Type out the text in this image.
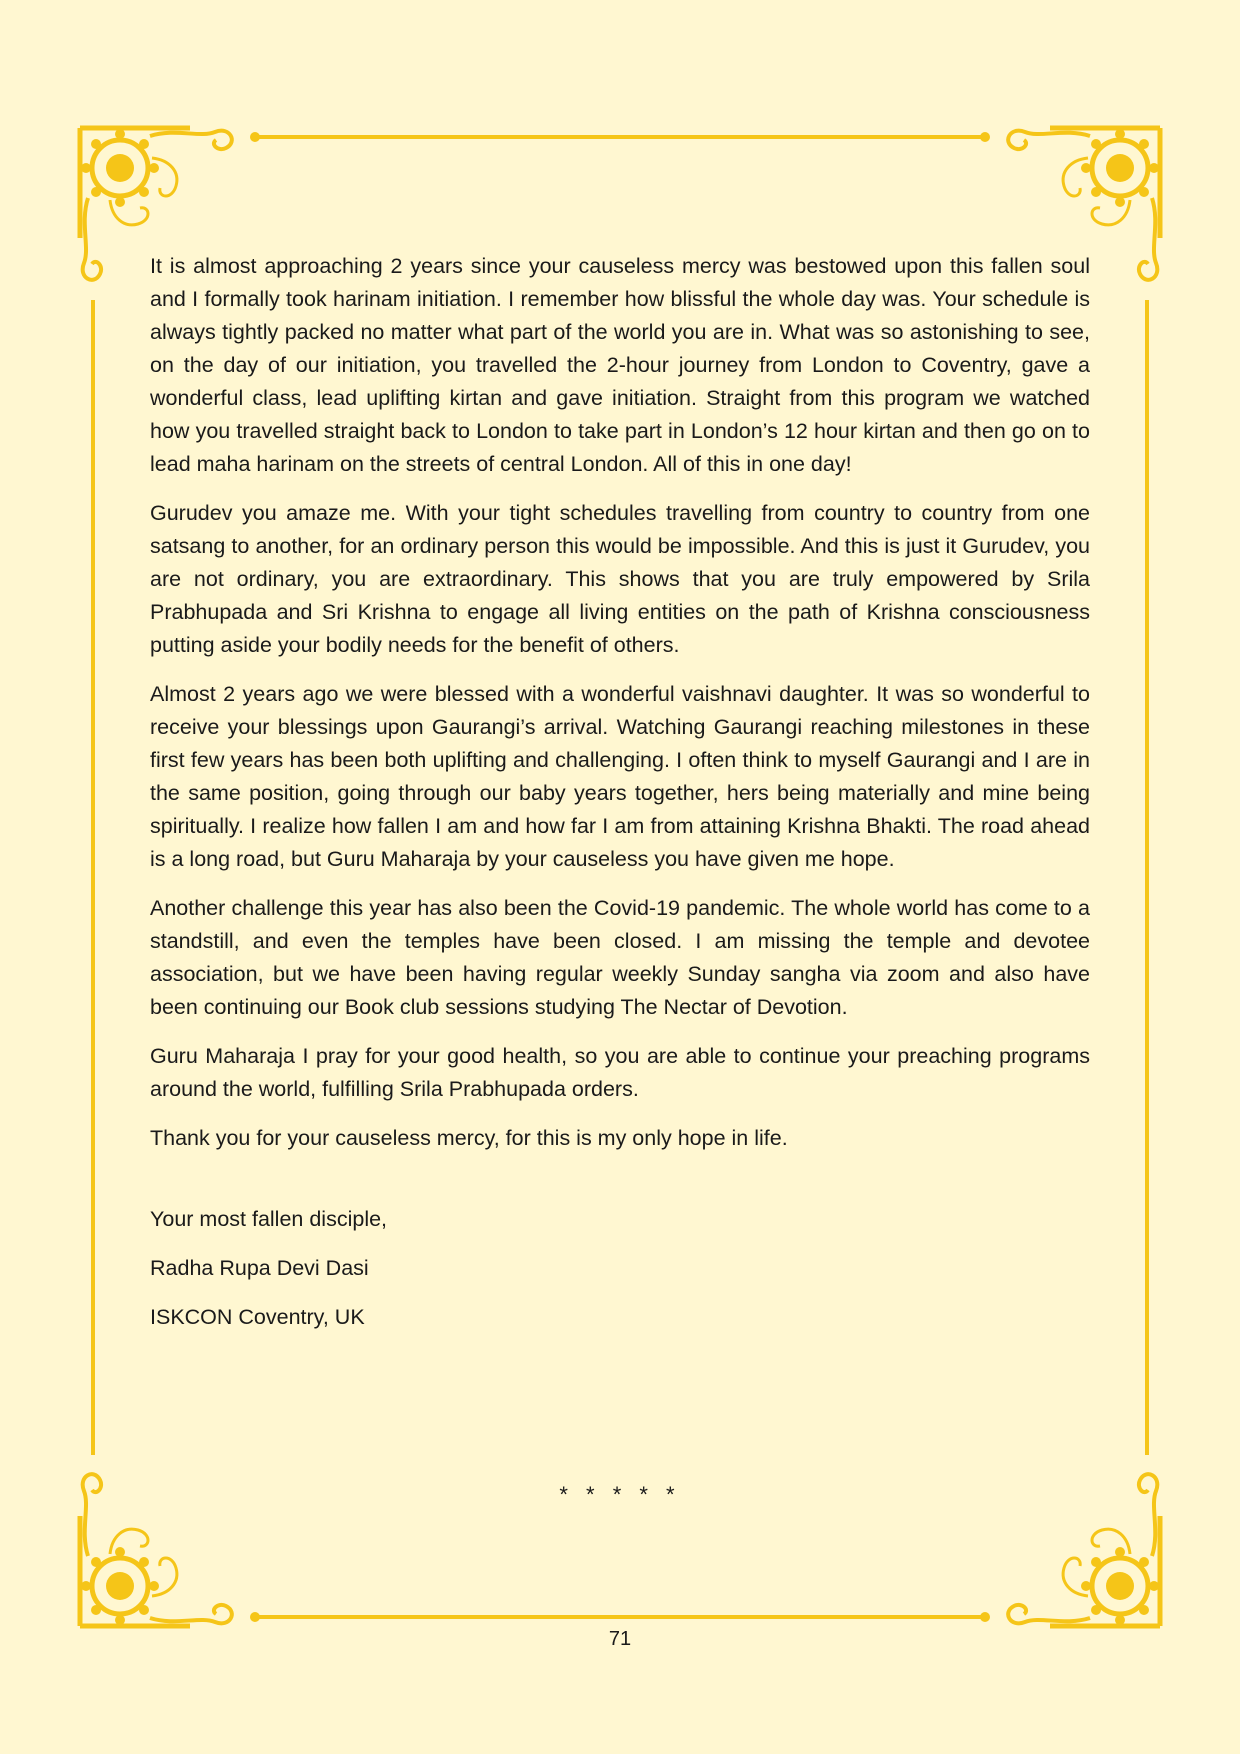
It is almost approaching 2 years since your causeless mercy was bestowed upon this fallen soul and I formally took harinam initiation. I remember how blissful the whole day was. Your schedule is always tightly packed no matter what part of the world you are in. What was so astonishing to see, on the day of our initiation, you travelled the 2-hour journey from London to Coventry, gave a wonderful class, lead uplifting kirtan and gave initiation. Straight from this program we watched how you travelled straight back to London to take part in London’s 12 hour kirtan and then go on to lead maha harinam on the streets of central London. All of this in one day!

Gurudev you amaze me. With your tight schedules travelling from country to country from one satsang to another, for an ordinary person this would be impossible. And this is just it Gurudev, you are not ordinary, you are extraordinary. This shows that you are truly empowered by Srila Prabhupada and Sri Krishna to engage all living entities on the path of Krishna consciousness putting aside your bodily needs for the benefit of others.

Almost 2 years ago we were blessed with a wonderful vaishnavi daughter. It was so wonderful to receive your blessings upon Gaurangi’s arrival. Watching Gaurangi reaching milestones in these first few years has been both uplifting and challenging. I often think to myself Gaurangi and I are in the same position, going through our baby years together, hers being materially and mine being spiritually. I realize how fallen I am and how far I am from attaining Krishna Bhakti. The road ahead is a long road, but Guru Maharaja by your causeless you have given me hope.

Another challenge this year has also been the Covid-19 pandemic. The whole world has come to a standstill, and even the temples have been closed. I am missing the temple and devotee association, but we have been having regular weekly Sunday sangha via zoom and also have been continuing our Book club sessions studying The Nectar of Devotion.

Guru Maharaja I pray for your good health, so you are able to continue your preaching programs around the world, fulfilling Srila Prabhupada orders.

Thank you for your causeless mercy, for this is my only hope in life.

Your most fallen disciple,

Radha Rupa Devi Dasi

ISKCON Coventry, UK

* * * * *
71
